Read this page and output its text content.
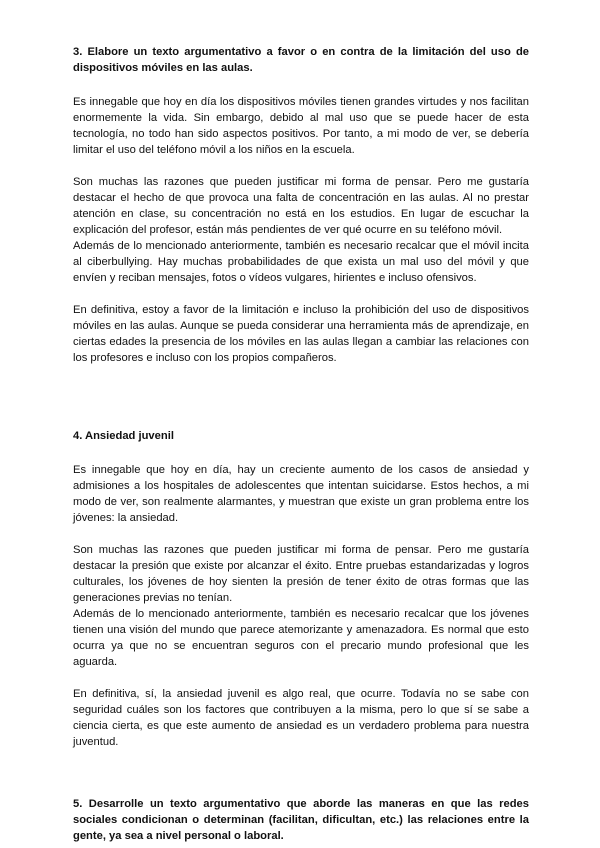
3. Elabore un texto argumentativo a favor o en contra de la limitación del uso de dispositivos móviles en las aulas.

Es innegable que hoy en día los dispositivos móviles tienen grandes virtudes y nos facilitan enormemente la vida. Sin embargo, debido al mal uso que se puede hacer de esta tecnología, no todo han sido aspectos positivos. Por tanto, a mi modo de ver, se debería limitar el uso del teléfono móvil a los niños en la escuela.

Son muchas las razones que pueden justificar mi forma de pensar. Pero me gustaría destacar el hecho de que provoca una falta de concentración en las aulas. Al no prestar atención en clase, su concentración no está en los estudios. En lugar de escuchar la explicación del profesor, están más pendientes de ver qué ocurre en su teléfono móvil.

Además de lo mencionado anteriormente, también es necesario recalcar que el móvil incita al ciberbullying. Hay muchas probabilidades de que exista un mal uso del móvil y que envíen y reciban mensajes, fotos o vídeos vulgares, hirientes e incluso ofensivos.

En definitiva, estoy a favor de la limitación e incluso la prohibición del uso de dispositivos móviles en las aulas. Aunque se pueda considerar una herramienta más de aprendizaje, en ciertas edades la presencia de los móviles en las aulas llegan a cambiar las relaciones con los profesores e incluso con los propios compañeros.

4. Ansiedad juvenil

Es innegable que hoy en día, hay un creciente aumento de los casos de ansiedad y admisiones a los hospitales de adolescentes que intentan suicidarse. Estos hechos, a mi modo de ver, son realmente alarmantes, y muestran que existe un gran problema entre los jóvenes: la ansiedad.

Son muchas las razones que pueden justificar mi forma de pensar. Pero me gustaría destacar la presión que existe por alcanzar el éxito. Entre pruebas estandarizadas y logros culturales, los jóvenes de hoy sienten la presión de tener éxito de otras formas que las generaciones previas no tenían.

Además de lo mencionado anteriormente, también es necesario recalcar que los jóvenes tienen una visión del mundo que parece atemorizante y amenazadora. Es normal que esto ocurra ya que no se encuentran seguros con el precario mundo profesional que les aguarda.

En definitiva, sí, la ansiedad juvenil es algo real, que ocurre. Todavía no se sabe con seguridad cuáles son los factores que contribuyen a la misma, pero lo que sí se sabe a ciencia cierta, es que este aumento de ansiedad es un verdadero problema para nuestra juventud.

5. Desarrolle un texto argumentativo que aborde las maneras en que las redes sociales condicionan o determinan (facilitan, dificultan, etc.) las relaciones entre la gente, ya sea a nivel personal o laboral.
